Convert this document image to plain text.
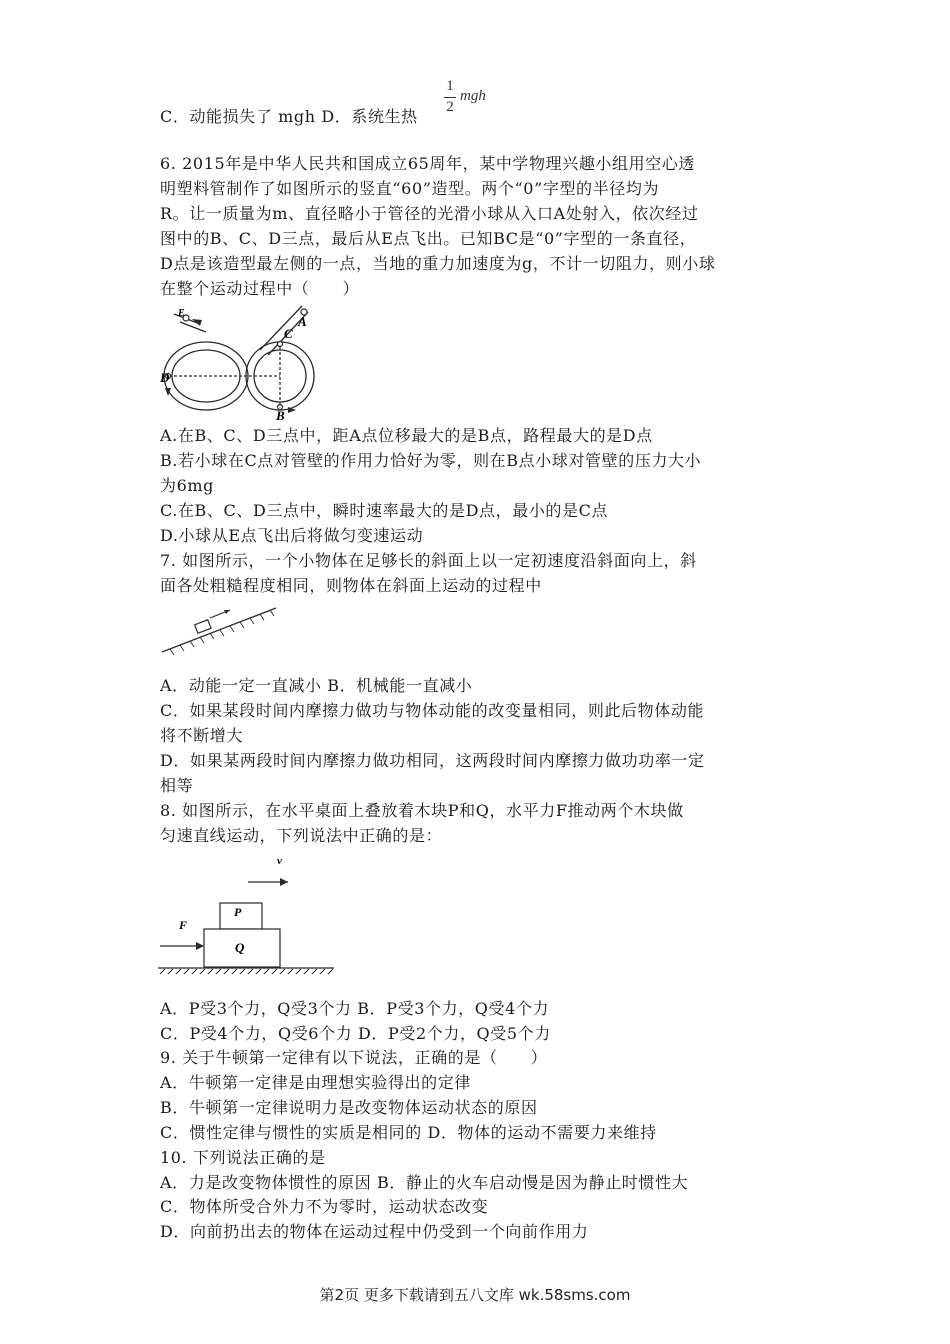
C．动能损失了 mgh D．系统生热
1
2
mgh
6. 2015年是中华人民共和国成立65周年，某中学物理兴趣小组用空心透
明塑料管制作了如图所示的竖直“60”造型。两个“0”字型的半径均为
R。让一质量为m、直径略小于管径的光滑小球从入口A处射入，依次经过
图中的B、C、D三点，最后从E点飞出。已知BC是“0”字型的一条直径，
D点是该造型最左侧的一点，当地的重力加速度为g，不计一切阻力，则小球
在整个运动过程中（　　）
A
C
B
D
E
A.在B、C、D三点中，距A点位移最大的是B点，路程最大的是D点
B.若小球在C点对管壁的作用力恰好为零，则在B点小球对管壁的压力大小
为6mg
C.在B、C、D三点中，瞬时速率最大的是D点，最小的是C点
D.小球从E点飞出后将做匀变速运动
7. 如图所示，一个小物体在足够长的斜面上以一定初速度沿斜面向上，斜
面各处粗糙程度相同，则物体在斜面上运动的过程中
A．动能一定一直减小 B．机械能一直减小
C．如果某段时间内摩擦力做功与物体动能的改变量相同，则此后物体动能
将不断增大
D．如果某两段时间内摩擦力做功相同，这两段时间内摩擦力做功功率一定
相等
8. 如图所示，在水平桌面上叠放着木块P和Q，水平力F推动两个木块做
匀速直线运动，下列说法中正确的是：
v
P
Q
F
A．P受3个力，Q受3个力 B．P受3个力，Q受4个力
C．P受4个力，Q受6个力 D．P受2个力，Q受5个力
9. 关于牛顿第一定律有以下说法，正确的是（　　）
A．牛顿第一定律是由理想实验得出的定律
B．牛顿第一定律说明力是改变物体运动状态的原因
C．惯性定律与惯性的实质是相同的 D．物体的运动不需要力来维持
10. 下列说法正确的是
A．力是改变物体惯性的原因 B．静止的火车启动慢是因为静止时惯性大
C．物体所受合外力不为零时，运动状态改变
D．向前扔出去的物体在运动过程中仍受到一个向前作用力
第2页 更多下载请到五八文库 wk.58sms.com
